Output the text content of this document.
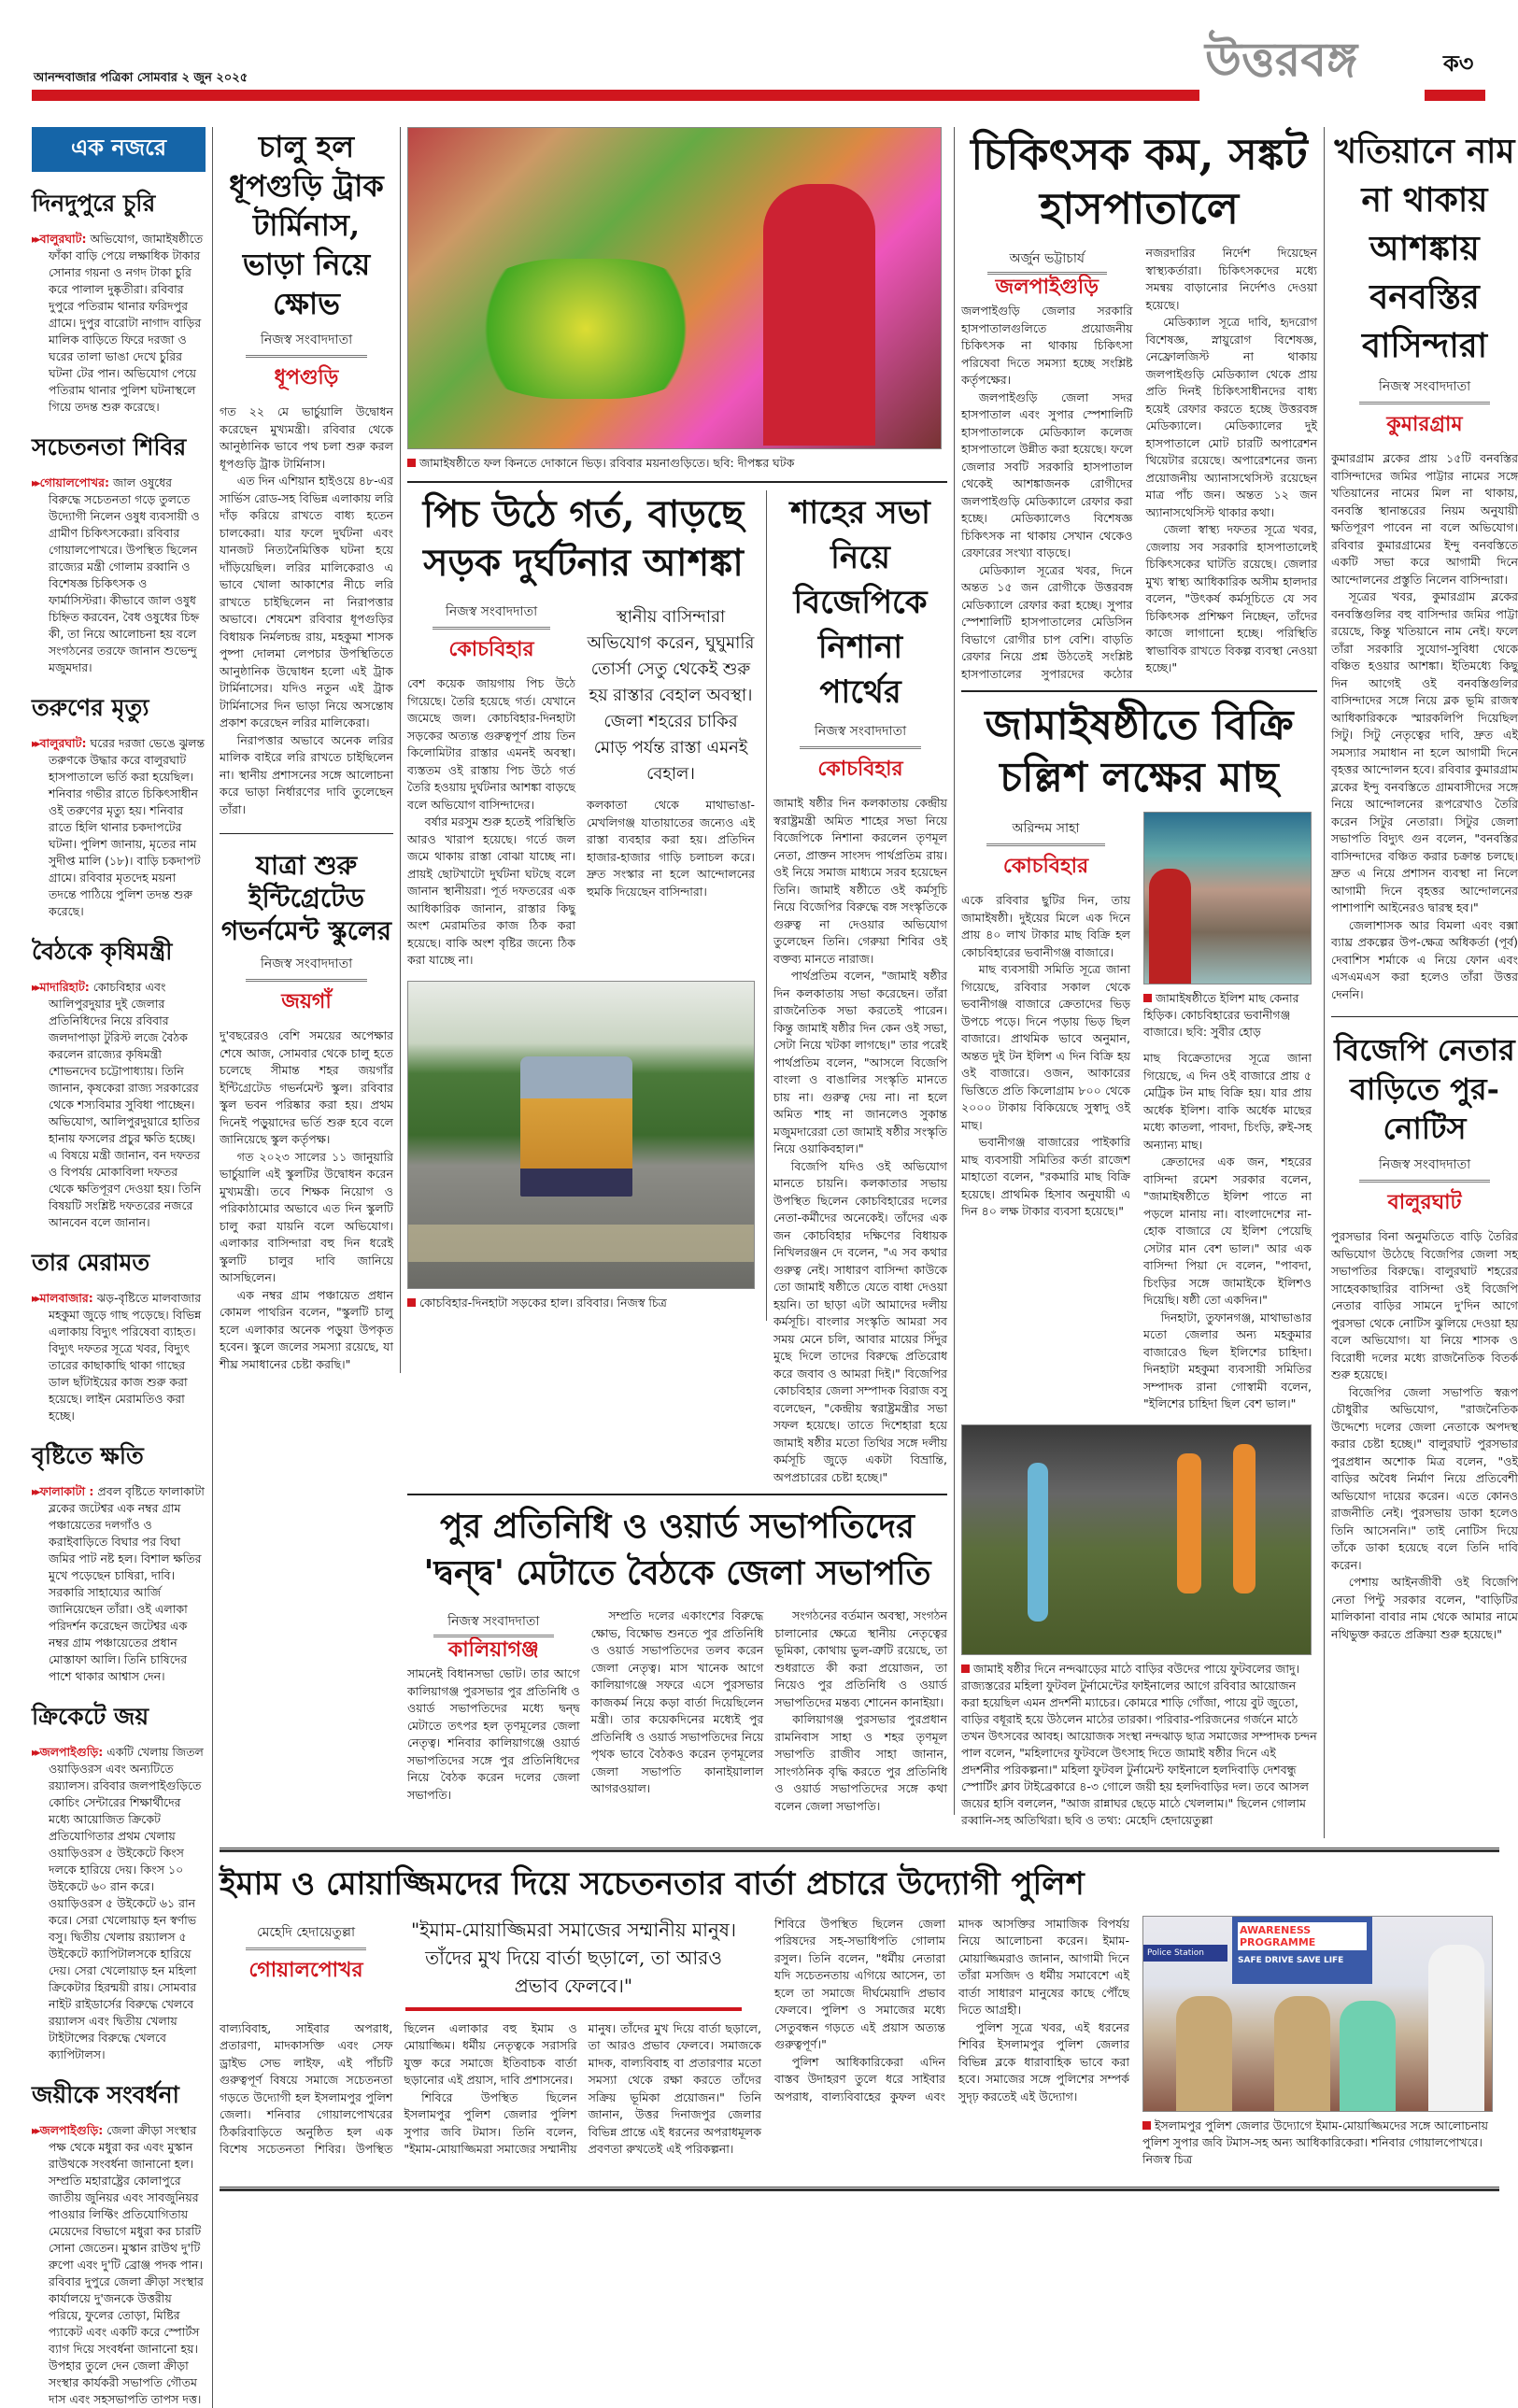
আনন্দবাজার পত্রিকা সোমবার ২ জুন ২০২৫	উত্তরবঙ্গ	ক৩
এক নজরে
দিনদুপুরে চুরি
▸▸ বালুরঘাট: অভিযোগ, জামাইষষ্ঠীতে ফাঁকা বাড়ি পেয়ে লক্ষাধিক টাকার সোনার গয়না ও নগদ টাকা চুরি করে পালাল দুষ্কৃতীরা। রবিবার দুপুরে পতিরাম থানার ফরিদপুর গ্রামে। দুপুর বারোটা নাগাদ বাড়ির মালিক বাড়িতে ফিরে দরজা ও ঘরের তালা ভাঙা দেখে চুরির ঘটনা টের পান। অভিযোগ পেয়ে পতিরাম থানার পুলিশ ঘটনাস্থলে গিয়ে তদন্ত শুরু করেছে।
সচেতনতা শিবির
▸▸ গোয়ালপোখর: জাল ওষুধের বিরুদ্ধে সচেতনতা গড়ে তুলতে উদ্যোগী নিলেন ওষুধ ব্যবসায়ী ও গ্রামীণ চিকিৎসকেরা। রবিবার গোয়ালপোখরে। উপস্থিত ছিলেন রাজ্যের মন্ত্রী গোলাম রব্বানি ও বিশেষজ্ঞ চিকিৎসক ও ফার্মাসিস্টরা। কীভাবে জাল ওষুধ চিহ্নিত করবেন, বৈধ ওষুধের চিহ্ন কী, তা নিয়ে আলোচনা হয় বলে সংগঠনের তরফে জানান শুভেন্দু মজুমদার।
তরুণের মৃত্যু
▸▸ বালুরঘাট: ঘরের দরজা ভেঙে ঝুলন্ত তরুণকে উদ্ধার করে বালুরঘাট হাসপাতালে ভর্তি করা হয়েছিল। শনিবার গভীর রাতে চিকিৎসাধীন ওই তরুণের মৃত্যু হয়। শনিবার রাতে হিলি থানার চকদাপটের ঘটনা। পুলিশ জানায়, মৃতের নাম সুদীপ্ত মালি (১৮)। বাড়ি চকদাপট গ্রামে। রবিবার মৃতদেহ ময়না তদন্তে পাঠিয়ে পুলিশ তদন্ত শুরু করেছে।
বৈঠকে কৃষিমন্ত্রী
▸▸ মাদারিহাট: কোচবিহার এবং আলিপুরদুয়ার দুই জেলার প্রতিনিধিদের নিয়ে রবিবার জলদাপাড়া টুরিস্ট লজে বৈঠক করলেন রাজ্যের কৃষিমন্ত্রী শোভনদেব চট্টোপাধ্যায়। তিনি জানান, কৃষকেরা রাজ্য সরকারের থেকে শস্যবিমার সুবিধা পাচ্ছেন। অভিযোগ, আলিপুরদুয়ারে হাতির হানায় ফসলের প্রচুর ক্ষতি হচ্ছে। এ বিষয়ে মন্ত্রী জানান, বন দফতর ও বিপর্যয় মোকাবিলা দফতর থেকে ক্ষতিপূরণ দেওয়া হয়। তিনি বিষয়টি সংশ্লিষ্ট দফতরের নজরে আনবেন বলে জানান।
তার মেরামত
▸▸ মালবাজার: ঝড়-বৃষ্টিতে মালবাজার মহকুমা জুড়ে গাছ পড়েছে। বিভিন্ন এলাকায় বিদ্যুৎ পরিষেবা ব্যাহত। বিদ্যুৎ দফতর সূত্রে খবর, বিদ্যুৎ তারের কাছাকাছি থাকা গাছের ডাল ছাঁটাইয়ের কাজ শুরু করা হয়েছে। লাইন মেরামতিও করা হচ্ছে।
বৃষ্টিতে ক্ষতি
▸▸ ফালাকাটা : প্রবল বৃষ্টিতে ফালাকাটা ব্লকের জটেশ্বর এক নম্বর গ্রাম পঞ্চায়েতের দলগাঁও ও করাইবাড়িতে বিঘার পর বিঘা জমির পাট নষ্ট হল। বিশাল ক্ষতির মুখে পড়েছেন চাষিরা, দাবি। সরকারি সাহায্যের আর্জি জানিয়েছেন তাঁরা। ওই এলাকা পরিদর্শন করেছেন জটেশ্বর এক নম্বর গ্রাম পঞ্চায়েতের প্রধান মোস্তাফা আলি। তিনি চাষিদের পাশে থাকার আশ্বাস দেন।
ক্রিকেটে জয়
▸▸ জলপাইগুড়ি: একটি খেলায় জিতল ওয়াড়িওরস এবং অন্যটিতে রয়্যালস। রবিবার জলপাইগুড়িতে কোচিং সেন্টারের শিক্ষার্থীদের মধ্যে আয়োজিত ক্রিকেট প্রতিযোগিতার প্রথম খেলায় ওয়াড়িওরস ৫ উইকেটে কিংস দলকে হারিয়ে দেয়। কিংস ১০ উইকেটে ৬০ রান করে। ওয়াড়িওরস ৫ উইকেটে ৬১ রান করে। সেরা খেলোয়াড় হন স্বর্ণাভ বসু। দ্বিতীয় খেলায় রয়্যালস ৫ উইকেটে ক্যাপিটালসকে হারিয়ে দেয়। সেরা খেলোয়াড় হন মহিলা ক্রিকেটার হিরন্ময়ী রায়। সোমবার নাইট রাইডার্সের বিরুদ্ধে খেলবে রয়্যালস এবং দ্বিতীয় খেলায় টাইটান্সের বিরুদ্ধে খেলবে ক্যাপিটালস।
জয়ীকে সংবর্ধনা
▸▸ জলপাইগুড়ি: জেলা ক্রীড়া সংস্থার পক্ষ থেকে মধুরা কর এবং মুস্কান রাউথকে সংবর্ধনা জানানো হল। সম্প্রতি মহারাষ্ট্রের কোলাপুরে জাতীয় জুনিয়র এবং সাবজুনিয়র পাওয়ার লিফ্টিং প্রতিযোগিতায় মেয়েদের বিভাগে মধুরা কর চারটি সোনা জেতেন। মুস্কান রাউথ দু'টি রুপো এবং দু'টি ব্রোঞ্জ পদক পান। রবিবার দুপুরে জেলা ক্রীড়া সংস্থার কার্যালয়ে দু'জনকে উত্তরীয় পরিয়ে, ফুলের তোড়া, মিষ্টির প্যাকেট এবং একটি করে স্পোর্টস ব্যাগ দিয়ে সংবর্ধনা জানানো হয়। উপহার তুলে দেন জেলা ক্রীড়া সংস্থার কার্যকরী সভাপতি গৌতম দাস এবং সহসভাপতি তাপস দত্ত।
চালু হল ধূপগুড়ি ট্রাক টার্মিনাস, ভাড়া নিয়ে ক্ষোভ
নিজস্ব সংবাদদাতা
ধূপগুড়ি

গত ২২ মে ভার্চুয়ালি উদ্বোধন করেছেন মুখ্যমন্ত্রী। রবিবার থেকে আনুষ্ঠানিক ভাবে পথ চলা শুরু করল ধূপগুড়ি ট্রাক টার্মিনাস।

এত দিন এশিয়ান হাইওয়ে ৪৮-এর সার্ভিস রোড-সহ বিভিন্ন এলাকায় লরি দাঁড় করিয়ে রাখতে বাধ্য হতেন চালকেরা। যার ফলে দুর্ঘটনা এবং যানজট নিত্যনৈমিত্তিক ঘটনা হয়ে দাঁড়িয়েছিল। লরির মালিকেরাও এ ভাবে খোলা আকাশের নীচে লরি রাখতে চাইছিলেন না নিরাপত্তার অভাবে। শেষমেশ রবিবার ধূপগুড়ির বিধায়ক নির্মলচন্দ্র রায়, মহকুমা শাসক পুষ্পা দোলমা লেপচার উপস্থিতিতে আনুষ্ঠানিক উদ্বোধন হলো এই ট্রাক টার্মিনাসের। যদিও নতুন এই ট্রাক টার্মিনাসের দিন ভাড়া নিয়ে অসন্তোষ প্রকাশ করেছেন লরির মালিকেরা।

নিরাপত্তার অভাবে অনেক লরির মালিক বাইরে লরি রাখতে চাইছিলেন না। স্থানীয় প্রশাসনের সঙ্গে আলোচনা করে ভাড়া নির্ধারণের দাবি তুলেছেন তাঁরা।

যাত্রা শুরু ইন্টিগ্রেটেড গভর্নমেন্ট স্কুলের
নিজস্ব সংবাদদাতা
জয়গাঁ

দু'বছরেরও বেশি সময়ের অপেক্ষার শেষে আজ, সোমবার থেকে চালু হতে চলেছে সীমান্ত শহর জয়গাঁর ইন্টিগ্রেটেড গভর্নমেন্ট স্কুল। রবিবার স্কুল ভবন পরিষ্কার করা হয়। প্রথম দিনেই পড়ুয়াদের ভর্তি শুরু হবে বলে জানিয়েছে স্কুল কর্তৃপক্ষ।

গত ২০২৩ সালের ১১ জানুয়ারি ভার্চুয়ালি এই স্কুলটির উদ্বোধন করেন মুখ্যমন্ত্রী। তবে শিক্ষক নিয়োগ ও পরিকাঠামোর অভাবে এত দিন স্কুলটি চালু করা যায়নি বলে অভিযোগ। এলাকার বাসিন্দারা বহু দিন ধরেই স্কুলটি চালুর দাবি জানিয়ে আসছিলেন।

এক নম্বর গ্রাম পঞ্চায়েত প্রধান কোমল পাথরিন বলেন, "স্কুলটি চালু হলে এলাকার অনেক পড়ুয়া উপকৃত হবেন। স্কুলে জলের সমস্যা রয়েছে, যা শীঘ্র সমাধানের চেষ্টা করছি।"

জামাইষষ্ঠীতে ফল কিনতে দোকানে ভিড়। রবিবার ময়নাগুড়িতে। ছবি: দীপঙ্কর ঘটক
পিচ উঠে গর্ত, বাড়ছে সড়ক দুর্ঘটনার আশঙ্কা
নিজস্ব সংবাদদাতা
কোচবিহার

বেশ কয়েক জায়গায় পিচ উঠে গিয়েছে। তৈরি হয়েছে গর্ত। যেখানে জমেছে জল। কোচবিহার-দিনহাটা সড়কের অত্যন্ত গুরুত্বপূর্ণ প্রায় তিন কিলোমিটার রাস্তার এমনই অবস্থা। ব্যস্ততম ওই রাস্তায় পিচ উঠে গর্ত তৈরি হওয়ায় দুর্ঘটনার আশঙ্কা বাড়ছে বলে অভিযোগ বাসিন্দাদের।

বর্ষার মরসুম শুরু হতেই পরিস্থিতি আরও খারাপ হয়েছে। গর্তে জল জমে থাকায় রাস্তা বোঝা যাচ্ছে না। প্রায়ই ছোটখাটো দুর্ঘটনা ঘটছে বলে জানান স্থানীয়রা। পূর্ত দফতরের এক আধিকারিক জানান, রাস্তার কিছু অংশ মেরামতির কাজ ঠিক করা হয়েছে। বাকি অংশ বৃষ্টির জন্যে ঠিক করা যাচ্ছে না।

স্থানীয় বাসিন্দারা অভিযোগ করেন, ঘুঘুমারি তোর্সা সেতু থেকেই শুরু হয় রাস্তার বেহাল অবস্থা। জেলা শহরের চাকির মোড় পর্যন্ত রাস্তা এমনই বেহাল।

কলকাতা থেকে মাথাভাঙা-মেখলিগঞ্জ যাতায়াতের জন্যেও এই রাস্তা ব্যবহার করা হয়। প্রতিদিন হাজার-হাজার গাড়ি চলাচল করে। দ্রুত সংস্কার না হলে আন্দোলনের হুমকি দিয়েছেন বাসিন্দারা।

কোচবিহার-দিনহাটা সড়কের হাল। রবিবার। নিজস্ব চিত্র
শাহের সভা নিয়ে বিজেপিকে নিশানা পার্থের
নিজস্ব সংবাদদাতা
কোচবিহার

জামাই ষষ্ঠীর দিন কলকাতায় কেন্দ্রীয় স্বরাষ্ট্রমন্ত্রী অমিত শাহের সভা নিয়ে বিজেপিকে নিশানা করলেন তৃণমূল নেতা, প্রাক্তন সাংসদ পার্থপ্রতিম রায়। ওই নিয়ে সমাজ মাধ্যমে সরব হয়েছেন তিনি। জামাই ষষ্ঠীতে ওই কর্মসূচি নিয়ে বিজেপির বিরুদ্ধে বঙ্গ সংস্কৃতিকে গুরুত্ব না দেওয়ার অভিযোগ তুলেছেন তিনি। গেরুয়া শিবির ওই বক্তব্য মানতে নারাজ।

পার্থপ্রতিম বলেন, "জামাই ষষ্ঠীর দিন কলকাতায় সভা করেছেন। তাঁরা রাজনৈতিক সভা করতেই পারেন। কিন্তু জামাই ষষ্ঠীর দিন কেন ওই সভা, সেটা নিয়ে খটকা লাগছে।" তার পরেই পার্থপ্রতিম বলেন, "আসলে বিজেপি বাংলা ও বাঙালির সংস্কৃতি মানতে চায় না। গুরুত্ব দেয় না। না হলে অমিত শাহ না জানলেও সুকান্ত মজুমদারেরা তো জামাই ষষ্ঠীর সংস্কৃতি নিয়ে ওয়াকিবহাল।"

বিজেপি যদিও ওই অভিযোগ মানতে চায়নি। কলকাতার সভায় উপস্থিত ছিলেন কোচবিহারের দলের নেতা-কর্মীদের অনেকেই। তাঁদের এক জন কোচবিহার দক্ষিণের বিধায়ক নিখিলরঞ্জন দে বলেন, "এ সব কথার গুরুত্ব নেই। সাধারণ বাসিন্দা কাউকে তো জামাই ষষ্ঠীতে যেতে বাধা দেওয়া হয়নি। তা ছাড়া এটা আমাদের দলীয় কর্মসূচি। বাংলার সংস্কৃতি আমরা সব সময় মেনে চলি, আবার মায়ের সিঁদুর মুছে দিলে তাদের বিরুদ্ধে প্রতিরোধ করে জবাব ও আমরা দিই।" বিজেপির কোচবিহার জেলা সম্পাদক বিরাজ বসু বলেছেন, "কেন্দ্রীয় স্বরাষ্ট্রমন্ত্রীর সভা সফল হয়েছে। তাতে দিশেহারা হয়ে জামাই ষষ্ঠীর মতো তিথির সঙ্গে দলীয় কর্মসূচি জুড়ে একটা বিভ্রান্তি, অপপ্রচারের চেষ্টা হচ্ছে।"

পুর প্রতিনিধি ও ওয়ার্ড সভাপতিদের 'দ্বন্দ্ব' মেটাতে বৈঠকে জেলা সভাপতি
নিজস্ব সংবাদদাতা
কালিয়াগঞ্জ

সামনেই বিধানসভা ভোট। তার আগে কালিয়াগঞ্জ পুরসভার পুর প্রতিনিধি ও ওয়ার্ড সভাপতিদের মধ্যে দ্বন্দ্ব মেটাতে তৎপর হল তৃণমূলের জেলা নেতৃত্ব। শনিবার কালিয়াগঞ্জে ওয়ার্ড সভাপতিদের সঙ্গে পুর প্রতিনিধিদের নিয়ে বৈঠক করেন দলের জেলা সভাপতি।

সম্প্রতি দলের একাংশের বিরুদ্ধে ক্ষোভ, বিক্ষোভ শুনতে পুর প্রতিনিধি ও ওয়ার্ড সভাপতিদের তলব করেন জেলা নেতৃত্ব। মাস খানেক আগে কালিয়াগঞ্জে সফরে এসে পুরসভার কাজকর্ম নিয়ে কড়া বার্তা দিয়েছিলেন মন্ত্রী। তার কয়েকদিনের মধ্যেই পুর প্রতিনিধি ও ওয়ার্ড সভাপতিদের নিয়ে পৃথক ভাবে বৈঠকও করেন তৃণমূলের জেলা সভাপতি কানাইয়ালাল আগরওয়াল।

সংগঠনের বর্তমান অবস্থা, সংগঠন চালানোর ক্ষেত্রে স্থানীয় নেতৃত্বের ভূমিকা, কোথায় ভুল-ত্রুটি রয়েছে, তা শুধরাতে কী করা প্রয়োজন, তা নিয়েও পুর প্রতিনিধি ও ওয়ার্ড সভাপতিদের মন্তব্য শোনেন কানাইয়া।

কালিয়াগঞ্জ পুরসভার পুরপ্রধান রামনিবাস সাহা ও শহর তৃণমূল সভাপতি রাজীব সাহা জানান, সাংগঠনিক বৃদ্ধি করতে পুর প্রতিনিধি ও ওয়ার্ড সভাপতিদের সঙ্গে কথা বলেন জেলা সভাপতি।

চিকিৎসক কম, সঙ্কট হাসপাতালে
অর্জুন ভট্টাচার্য
জলপাইগুড়ি

জলপাইগুড়ি জেলার সরকারি হাসপাতালগুলিতে প্রয়োজনীয় চিকিৎসক না থাকায় চিকিৎসা পরিষেবা দিতে সমস্যা হচ্ছে সংশ্লিষ্ট কর্তৃপক্ষের।

জলপাইগুড়ি জেলা সদর হাসপাতাল এবং সুপার স্পেশালিটি হাসপাতালকে মেডিক্যাল কলেজ হাসপাতালে উন্নীত করা হয়েছে। ফলে জেলার সবটি সরকারি হাসপাতাল থেকেই আশঙ্কাজনক রোগীদের জলপাইগুড়ি মেডিক্যালে রেফার করা হচ্ছে। মেডিক্যালেও বিশেষজ্ঞ চিকিৎসক না থাকায় সেখান থেকেও রেফারের সংখ্যা বাড়ছে।

মেডিক্যাল সূত্রের খবর, দিনে অন্তত ১৫ জন রোগীকে উত্তরবঙ্গ মেডিক্যালে রেফার করা হচ্ছে। সুপার স্পেশালিটি হাসপাতালের মেডিসিন বিভাগে রোগীর চাপ বেশি। বাড়তি রেফার নিয়ে প্রশ্ন উঠতেই সংশ্লিষ্ট হাসপাতালের সুপারদের কঠোর নজরদারির নির্দেশ দিয়েছেন স্বাস্থ্যকর্তারা। চিকিৎসকদের মধ্যে সমন্বয় বাড়ানোর নির্দেশও দেওয়া হয়েছে।

মেডিক্যাল সূত্রে দাবি, হৃদরোগ বিশেষজ্ঞ, স্নায়ুরোগ বিশেষজ্ঞ, নেফ্রোলজিস্ট না থাকায় জলপাইগুড়ি মেডিক্যাল থেকে প্রায় প্রতি দিনই চিকিৎসাধীনদের বাধ্য হয়েই রেফার করতে হচ্ছে উত্তরবঙ্গ মেডিক্যালে। মেডিক্যালের দুই হাসপাতালে মোট চারটি অপারেশন থিয়েটার রয়েছে। অপারেশনের জন্য প্রয়োজনীয় অ্যানাসথেসিস্ট রয়েছেন মাত্র পাঁচ জন। অন্তত ১২ জন অ্যানাসথেসিস্ট থাকার কথা।

জেলা স্বাস্থ্য দফতর সূত্রে খবর, জেলায় সব সরকারি হাসপাতালেই চিকিৎসকের ঘাটতি রয়েছে। জেলার মুখ্য স্বাস্থ্য আধিকারিক অসীম হালদার বলেন, "উৎকর্ষ কর্মসূচিতে যে সব চিকিৎসক প্রশিক্ষণ নিচ্ছেন, তাঁদের কাজে লাগানো হচ্ছে। পরিস্থিতি স্বাভাবিক রাখতে বিকল্প ব্যবস্থা নেওয়া হচ্ছে।"

জামাইষষ্ঠীতে বিক্রি চল্লিশ লক্ষের মাছ
অরিন্দম সাহা
কোচবিহার

একে রবিবার ছুটির দিন, তায় জামাইষষ্ঠী। দুইয়ের মিলে এক দিনে প্রায় ৪০ লাখ টাকার মাছ বিক্রি হল কোচবিহারের ভবানীগঞ্জ বাজারে।

মাছ ব্যবসায়ী সমিতি সূত্রে জানা গিয়েছে, রবিবার সকাল থেকে ভবানীগঞ্জ বাজারে ক্রেতাদের ভিড় উপচে পড়ে। দিনে পড়ায় ভিড় ছিল বাজারে। প্রাথমিক ভাবে অনুমান, অন্তত দুই টন ইলিশ এ দিন বিক্রি হয় ওই বাজারে। ওজন, আকারের ভিত্তিতে প্রতি কিলোগ্রাম ৮০০ থেকে ২০০০ টাকায় বিকিয়েছে সুস্বাদু ওই মাছ।

ভবানীগঞ্জ বাজারের পাইকারি মাছ ব্যবসায়ী সমিতির কর্তা রাজেশ মাহাতো বলেন, "রকমারি মাছ বিক্রি হয়েছে। প্রাথমিক হিসাব অনুযায়ী এ দিন ৪০ লক্ষ টাকার ব্যবসা হয়েছে।"

জামাইষষ্ঠীতে ইলিশ মাছ কেনার হিড়িক। কোচবিহারের ভবানীগঞ্জ বাজারে। ছবি: সুবীর হোড়

মাছ বিক্রেতাদের সূত্রে জানা গিয়েছে, এ দিন ওই বাজারে প্রায় ৫ মেট্রিক টন মাছ বিক্রি হয়। যার প্রায় অর্ধেক ইলিশ। বাকি অর্ধেক মাছের মধ্যে কাতলা, পাবদা, চিংড়ি, রুই-সহ অন্যান্য মাছ।

ক্রেতাদের এক জন, শহরের বাসিন্দা রমেশ সরকার বলেন, "জামাইষষ্ঠীতে ইলিশ পাতে না পড়লে মানায় না। বাংলাদেশের না-হোক বাজারে যে ইলিশ পেয়েছি সেটার মান বেশ ভাল।" আর এক বাসিন্দা পিয়া দে বলেন, "পাবদা, চিংড়ির সঙ্গে জামাইকে ইলিশও দিয়েছি। ষষ্ঠী তো একদিন।"

দিনহাটা, তুফানগঞ্জ, মাথাভাঙার মতো জেলার অন্য মহকুমার বাজারেও ছিল ইলিশের চাহিদা। দিনহাটা মহকুমা ব্যবসায়ী সমিতির সম্পাদক রানা গোস্বামী বলেন, "ইলিশের চাহিদা ছিল বেশ ভাল।"

জামাই ষষ্ঠীর দিনে নন্দঝাড়ের মাঠে বাড়ির বউদের পায়ে ফুটবলের জাদু। রাজ্যস্তরের মহিলা ফুটবল টুর্নামেন্টের ফাইনালের আগে রবিবার আয়োজন করা হয়েছিল এমন প্রদর্শনী ম্যাচের। কোমরে শাড়ি গোঁজা, পায়ে বুট জুতো, বাড়ির বধূরাই হয়ে উঠলেন মাঠের তারকা। পরিবার-পরিজনের গর্জনে মাঠে তখন উৎসবের আবহ। আয়োজক সংস্থা নন্দঝাড় ছাত্র সমাজের সম্পাদক চন্দন পাল বলেন, "মহিলাদের ফুটবলে উৎসাহ দিতে জামাই ষষ্ঠীর দিনে এই প্রদর্শনীর পরিকল্পনা।" মহিলা ফুটবল টুর্নামেন্ট ফাইনালে হলদিবাড়ি দেশবন্ধু স্পোর্টিং ক্লাব টাইব্রেকারে ৪-৩ গোলে জয়ী হয় হলদিবাড়ির দল। তবে আসল জয়ের হাসি বললেন, "আজ রান্নাঘর ছেড়ে মাঠে খেললাম।" ছিলেন গোলাম রব্বানি-সহ অতিথিরা। ছবি ও তথ্য: মেহেদি হেদায়েতুল্লা
খতিয়ানে নাম না থাকায় আশঙ্কায় বনবস্তির বাসিন্দারা
নিজস্ব সংবাদদাতা
কুমারগ্রাম

কুমারগ্রাম ব্লকের প্রায় ১৫টি বনবস্তির বাসিন্দাদের জমির পাট্টার নামের সঙ্গে খতিয়ানের নামের মিল না থাকায়, বনবস্তি স্থানান্তরের নিয়ম অনুযায়ী ক্ষতিপূরণ পাবেন না বলে অভিযোগ। রবিবার কুমারগ্রামের ইন্দু বনবস্তিতে একটি সভা করে আগামী দিনে আন্দোলনের প্রস্তুতি নিলেন বাসিন্দারা।

সূত্রের খবর, কুমারগ্রাম ব্লকের বনবস্তিগুলির বহু বাসিন্দার জমির পাট্টা রয়েছে, কিন্তু খতিয়ানে নাম নেই। ফলে তাঁরা সরকারি সুযোগ-সুবিধা থেকে বঞ্চিত হওয়ার আশঙ্কা। ইতিমধ্যে কিছু দিন আগেই ওই বনবস্তিগুলির বাসিন্দাদের সঙ্গে নিয়ে ব্লক ভূমি রাজস্ব আধিকারিককে স্মারকলিপি দিয়েছিল সিটু। সিটু নেতৃত্বের দাবি, দ্রুত এই সমস্যার সমাধান না হলে আগামী দিনে বৃহত্তর আন্দোলন হবে। রবিবার কুমারগ্রাম ব্লকের ইন্দু বনবস্তিতে গ্রামবাসীদের সঙ্গে নিয়ে আন্দোলনের রূপরেখাও তৈরি করেন সিটুর নেতারা। সিটুর জেলা সভাপতি বিদ্যুৎ গুন বলেন, "বনবস্তির বাসিন্দাদের বঞ্চিত করার চক্রান্ত চলছে। দ্রুত এ নিয়ে প্রশাসন ব্যবস্থা না নিলে আগামী দিনে বৃহত্তর আন্দোলনের পাশাপাশি আইনেরও দ্বারস্থ হব।"

জেলাশাসক আর বিমলা এবং বক্সা ব্যাঘ্র প্রকল্পের উপ-ক্ষেত্র অধিকর্তা (পূর্ব) দেবাশিস শর্মাকে এ নিয়ে ফোন এবং এসএমএস করা হলেও তাঁরা উত্তর দেননি।

বিজেপি নেতার বাড়িতে পুর-নোটিস
নিজস্ব সংবাদদাতা
বালুরঘাট

পুরসভার বিনা অনুমতিতে বাড়ি তৈরির অভিযোগ উঠেছে বিজেপির জেলা সহ সভাপতির বিরুদ্ধে। বালুরঘাট শহরের সাহেবকাছারির বাসিন্দা ওই বিজেপি নেতার বাড়ির সামনে দু'দিন আগে পুরসভা থেকে নোটিস ঝুলিয়ে দেওয়া হয় বলে অভিযোগ। যা নিয়ে শাসক ও বিরোধী দলের মধ্যে রাজনৈতিক বিতর্ক শুরু হয়েছে।

বিজেপির জেলা সভাপতি স্বরূপ চৌধুরীর অভিযোগ, "রাজনৈতিক উদ্দেশ্যে দলের জেলা নেতাকে অপদস্থ করার চেষ্টা হচ্ছে।" বালুরঘাট পুরসভার পুরপ্রধান অশোক মিত্র বলেন, "ওই বাড়ির অবৈধ নির্মাণ নিয়ে প্রতিবেশী অভিযোগ দায়ের করেন। এতে কোনও রাজনীতি নেই। পুরসভায় ডাকা হলেও তিনি আসেননি।" তাই নোটিস দিয়ে তাঁকে ডাকা হয়েছে বলে তিনি দাবি করেন।

পেশায় আইনজীবী ওই বিজেপি নেতা পিন্টু সরকার বলেন, "বাড়িটির মালিকানা বাবার নাম থেকে আমার নামে নথিভুক্ত করতে প্রক্রিয়া শুরু হয়েছে।"

ইমাম ও মোয়াজ্জিমদের দিয়ে সচেতনতার বার্তা প্রচারে উদ্যোগী পুলিশ
মেহেদি হেদায়েতুল্লা
গোয়ালপোখর
"ইমাম-মোয়াজ্জিমরা সমাজের সম্মানীয় মানুষ। তাঁদের মুখ দিয়ে বার্তা ছড়ালে, তা আরও প্রভাব ফেলবে।"

বাল্যবিবাহ, সাইবার অপরাধ, প্রতারণা, মাদকাসক্তি এবং সেফ ড্রাইভ সেভ লাইফ, এই পাঁচটি গুরুত্বপূর্ণ বিষয়ে সমাজে সচেতনতা গড়তে উদ্যোগী হল ইসলামপুর পুলিশ জেলা। শনিবার গোয়ালপোখরের ঠিকরিবাড়িতে অনুষ্ঠিত হল এক বিশেষ সচেতনতা শিবির। উপস্থিত ছিলেন এলাকার বহু ইমাম ও মোয়াজ্জিম। ধর্মীয় নেতৃত্বকে সরাসরি যুক্ত করে সমাজে ইতিবাচক বার্তা ছড়ানোর এই প্রয়াস, দাবি প্রশাসনের।

শিবিরে উপস্থিত ছিলেন ইসলামপুর পুলিশ জেলার পুলিশ সুপার জবি টমাস। তিনি বলেন, "ইমাম-মোয়াজ্জিমরা সমাজের সম্মানীয় মানুষ। তাঁদের মুখ দিয়ে বার্তা ছড়ালে, তা আরও প্রভাব ফেলবে। সমাজকে মাদক, বাল্যবিবাহ বা প্রতারণার মতো সমস্যা থেকে রক্ষা করতে তাঁদের সক্রিয় ভূমিকা প্রয়োজন।" তিনি জানান, উত্তর দিনাজপুর জেলার বিভিন্ন প্রান্তে এই ধরনের অপরাধমূলক প্রবণতা রুখতেই এই পরিকল্পনা।

শিবিরে উপস্থিত ছিলেন জেলা পরিষদের সহ-সভাধিপতি গোলাম রসুল। তিনি বলেন, "ধর্মীয় নেতারা যদি সচেতনতায় এগিয়ে আসেন, তা হলে তা সমাজে দীর্ঘমেয়াদি প্রভাব ফেলবে। পুলিশ ও সমাজের মধ্যে সেতুবন্ধন গড়তে এই প্রয়াস অত্যন্ত গুরুত্বপূর্ণ।"

পুলিশ আধিকারিকেরা এদিন বাস্তব উদাহরণ তুলে ধরে সাইবার অপরাধ, বাল্যবিবাহের কুফল এবং মাদক আসক্তির সামাজিক বিপর্যয় নিয়ে আলোচনা করেন। ইমাম-মোয়াজ্জিমরাও জানান, আগামী দিনে তাঁরা মসজিদ ও ধর্মীয় সমাবেশে এই বার্তা সাধারণ মানুষের কাছে পৌঁছে দিতে আগ্রহী।

পুলিশ সূত্রে খবর, এই ধরনের শিবির ইসলামপুর পুলিশ জেলার বিভিন্ন ব্লকে ধারাবাহিক ভাবে করা হবে। সমাজের সঙ্গে পুলিশের সম্পর্ক সুদৃঢ় করতেই এই উদ্যোগ।

AWARENESS PROGRAMME
SAFE DRIVE SAVE LIFE
Police Station
ইসলামপুর পুলিশ জেলার উদ্যোগে ইমাম-মোয়াজ্জিমদের সঙ্গে আলোচনায় পুলিশ সুপার জবি টমাস-সহ অন্য আধিকারিকেরা। শনিবার গোয়ালপোখরে। নিজস্ব চিত্র
